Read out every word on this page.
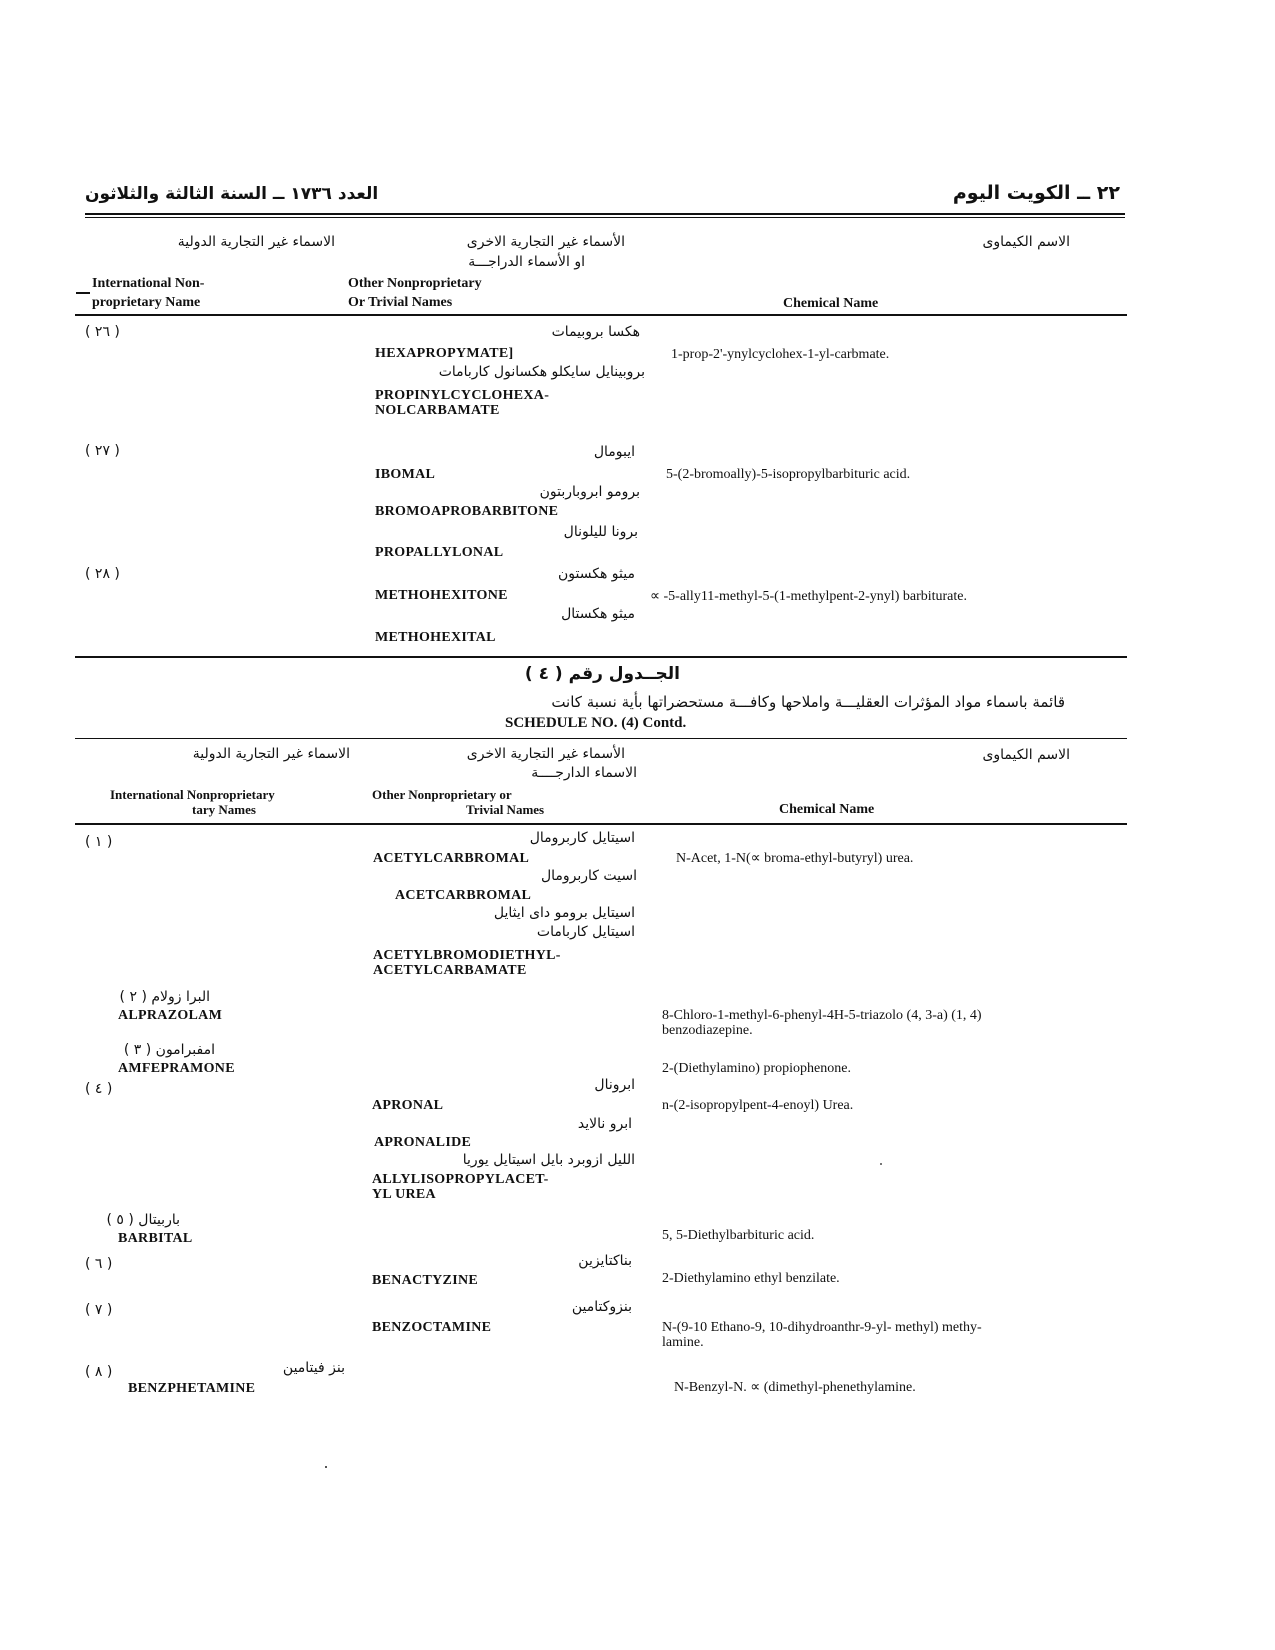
العدد ١٧٣٦ ــ السنة الثالثة والثلاثون	٢٢ ــ الكويت اليوم
الاسماء غير التجارية الدولية	الأسماء غير التجارية الاخرى
او الأسماء الدراجـــة
الاسم الكيماوى
International Non-
proprietary Name
Other Nonproprietary
Or Trivial Names	Chemical Name
( ٢٦ )	هكسا بروبيمات
HEXAPROPYMATE]
بروبينايل سايكلو هكسانول كاربامات
PROPINYLCYCLOHEXA-
NOLCARBAMATE
1-prop-2'-ynylcyclohex-1-yl-carbmate.
( ٢٧ )	ايبومال
IBOMAL
برومو ابروباربتون
BROMOAPROBARBITONE
برونا لليلونال
PROPALLYLONAL
5-(2-bromoally)-5-isopropylbarbituric acid.
( ٢٨ )	ميثو هكستون
METHOHEXITONE
ميثو هكستال
METHOHEXITAL
∝ -5-ally11-methyl-5-(1-methylpent-2-ynyl) barbiturate.
الجــدول رقم ( ٤ )
قائمة باسماء مواد المؤثرات العقليـــة واملاحها وكافـــة مستحضراتها بأية نسبة كانت
SCHEDULE NO. (4) Contd.
الاسماء غير التجارية الدولية	الأسماء غير التجارية الاخرى
الاسماء الدارجــــة
الاسم الكيماوى
International Nonproprietary
tary Names
Other Nonproprietary or
Trivial Names	Chemical Name
( ١ )	اسيتايل كاربرومال
ACETYLCARBROMAL
اسيت كاربرومال
ACETCARBROMAL
اسيتايل برومو داى ايثايل
اسيتايل كاربامات
ACETYLBROMODIETHYL-
ACETYLCARBAMATE
N-Acet, 1-N(∝ broma-ethyl-butyryl) urea.
البرا زولام ( ٢ )
ALPRAZOLAM	8-Chloro-1-methyl-6-phenyl-4H-5-triazolo (4, 3-a) (1, 4)
benzodiazepine.
امفبرامون ( ٣ )
AMFEPRAMONE	2-(Diethylamino) propiophenone.
( ٤ )	ابرونال
APRONAL
ابرو نالايد
APRONALIDE
الليل ازوبرد بايل اسيتايل يوريا
ALLYLISOPROPYLACET-
YL UREA
n-(2-isopropylpent-4-enoyl) Urea.
باربيتال ( ٥ )
BARBITAL	5, 5-Diethylbarbituric acid.
( ٦ )	بناكتايزين
BENACTYZINE	2-Diethylamino ethyl benzilate.
( ٧ )	بنزوكتامين
BENZOCTAMINE	N-(9-10 Ethano-9, 10-dihydroanthr-9-yl- methyl) methy-
lamine.
( ٨ )	بنز فيتامين
BENZPHETAMINE	N-Benzyl-N. ∝ (dimethyl-phenethylamine.
